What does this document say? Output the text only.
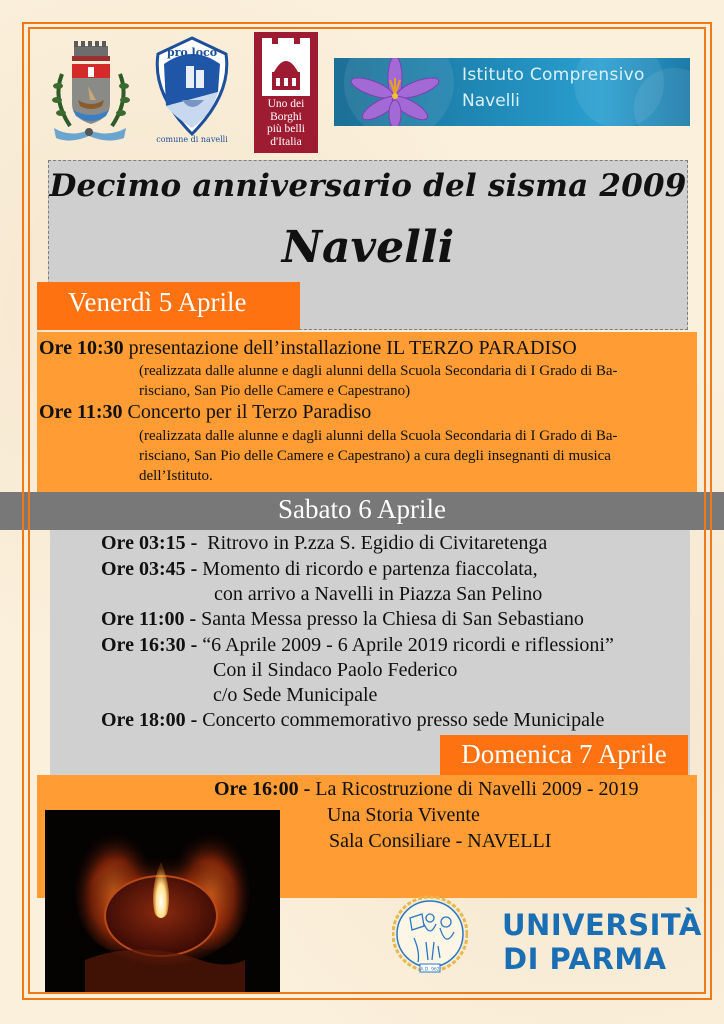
pro loco
comune di navelli
Uno dei
Borghi
più belli
d'Italia
Istituto Comprensivo
Navelli
Decimo anniversario del sisma 2009
Navelli
Ore 10:30 presentazione dell’installazione IL TERZO PARADISO
(realizzata dalle alunne e dagli alunni della Scuola Secondaria di I Grado di Ba-
risciano, San Pio delle Camere e Capestrano)
Ore 11:30 Concerto per il Terzo Paradiso
(realizzata dalle alunne e dagli alunni della Scuola Secondaria di I Grado di Ba-
risciano, San Pio delle Camere e Capestrano) a cura degli insegnanti di musica
dell’Istituto.
Venerdì 5 Aprile
Sabato 6 Aprile
Ore 03:15 - Ritrovo in P.zza S. Egidio di Civitaretenga
Ore 03:45 - Momento di ricordo e partenza fiaccolata,
con arrivo a Navelli in Piazza San Pelino
Ore 11:00 - Santa Messa presso la Chiesa di San Sebastiano
Ore 16:30 - “6 Aprile 2009 - 6 Aprile 2019 ricordi e riflessioni”
Con il Sindaco Paolo Federico
c/o Sede Municipale
Ore 18:00 - Concerto commemorativo presso sede Municipale
Ore 16:00 - La Ricostruzione di Navelli 2009 - 2019
Una Storia Vivente
Sala Consiliare - NAVELLI
Domenica 7 Aprile
A.D. 962
UNIVERSITÀ
DI PARMA
